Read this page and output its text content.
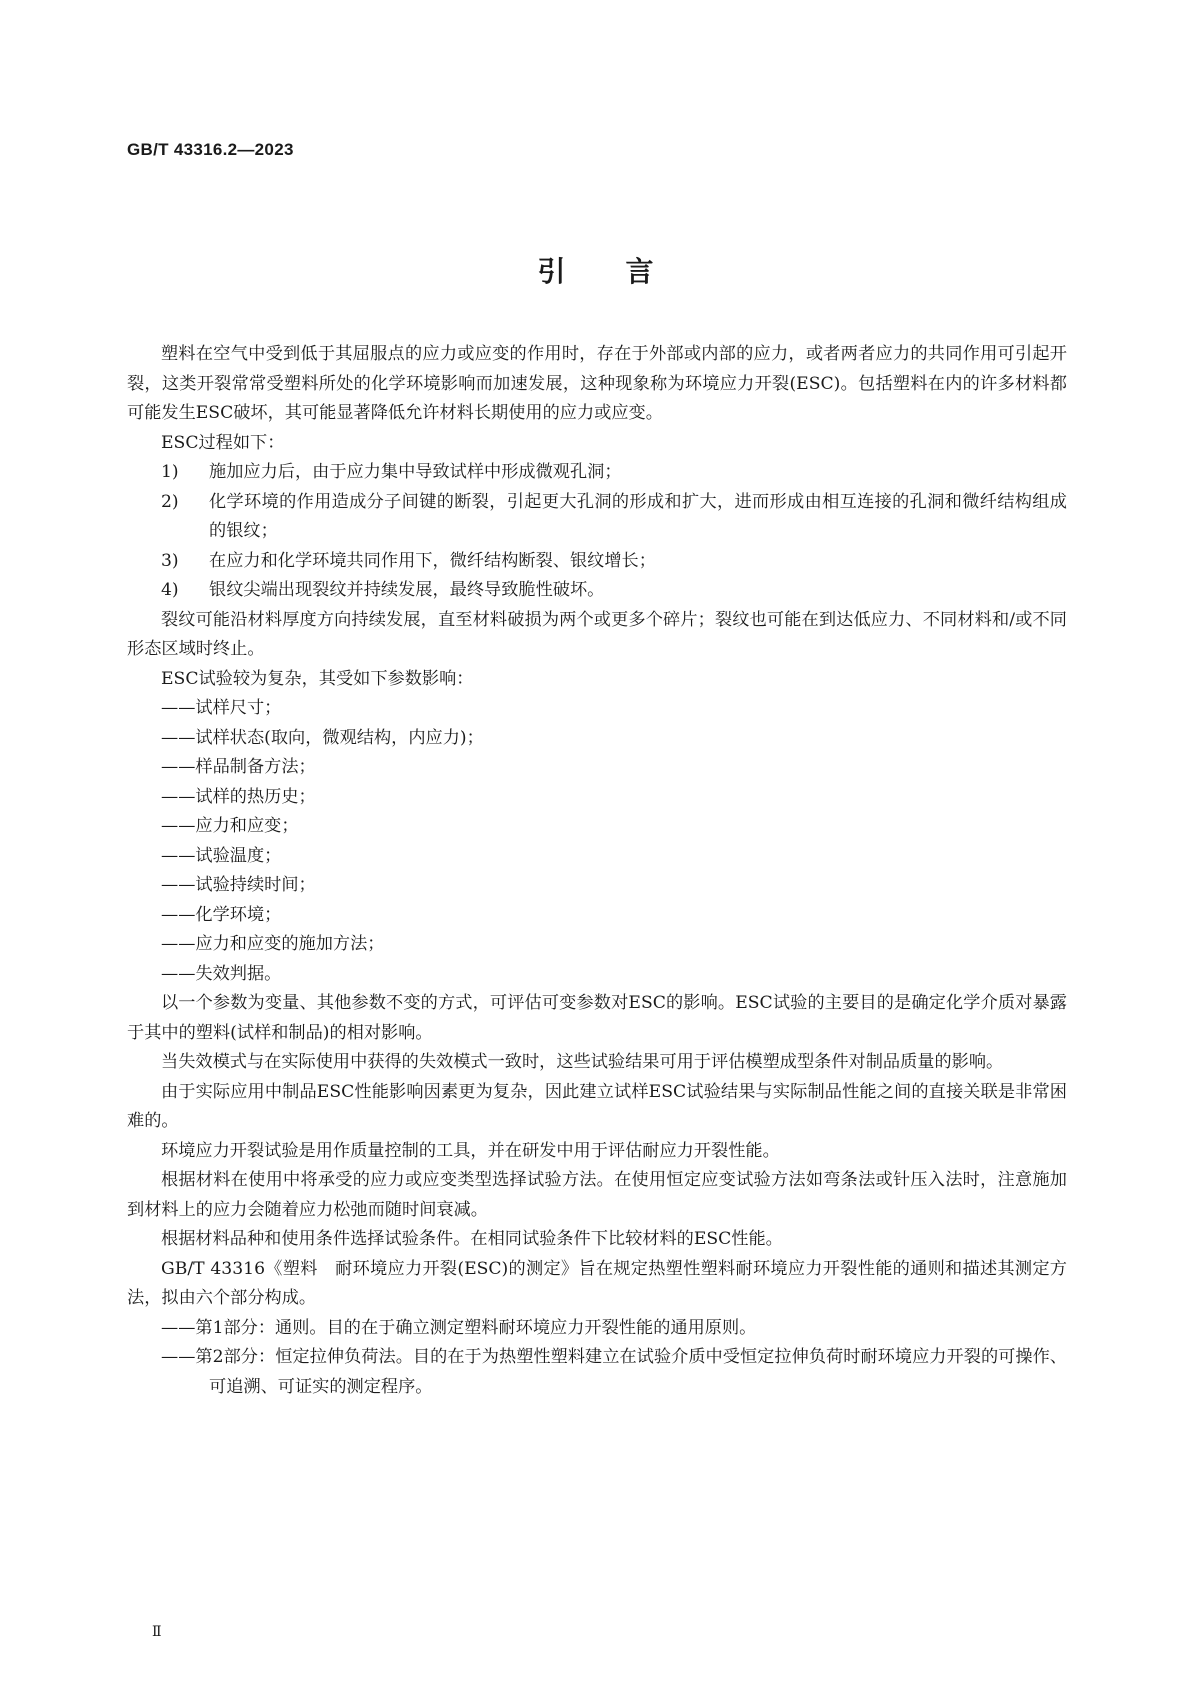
GB/T 43316.2—2023
引言

塑料在空气中受到低于其屈服点的应力或应变的作用时，存在于外部或内部的应力，或者两者应力的共同作用可引起开裂，这类开裂常常受塑料所处的化学环境影响而加速发展，这种现象称为环境应力开裂(ESC)。包括塑料在内的许多材料都可能发生ESC破坏，其可能显著降低允许材料长期使用的应力或应变。

ESC过程如下：

1) 施加应力后，由于应力集中导致试样中形成微观孔洞；

2) 化学环境的作用造成分子间键的断裂，引起更大孔洞的形成和扩大，进而形成由相互连接的孔洞和微纤结构组成的银纹；

3) 在应力和化学环境共同作用下，微纤结构断裂、银纹增长；

4) 银纹尖端出现裂纹并持续发展，最终导致脆性破坏。

裂纹可能沿材料厚度方向持续发展，直至材料破损为两个或更多个碎片；裂纹也可能在到达低应力、不同材料和/或不同形态区域时终止。

ESC试验较为复杂，其受如下参数影响：

——试样尺寸；

——试样状态(取向，微观结构，内应力)；

——样品制备方法；

——试样的热历史；

——应力和应变；

——试验温度；

——试验持续时间；

——化学环境；

——应力和应变的施加方法；

——失效判据。

以一个参数为变量、其他参数不变的方式，可评估可变参数对ESC的影响。ESC试验的主要目的是确定化学介质对暴露于其中的塑料(试样和制品)的相对影响。

当失效模式与在实际使用中获得的失效模式一致时，这些试验结果可用于评估模塑成型条件对制品质量的影响。

由于实际应用中制品ESC性能影响因素更为复杂，因此建立试样ESC试验结果与实际制品性能之间的直接关联是非常困难的。

环境应力开裂试验是用作质量控制的工具，并在研发中用于评估耐应力开裂性能。

根据材料在使用中将承受的应力或应变类型选择试验方法。在使用恒定应变试验方法如弯条法或针压入法时，注意施加到材料上的应力会随着应力松弛而随时间衰减。

根据材料品种和使用条件选择试验条件。在相同试验条件下比较材料的ESC性能。

GB/T 43316《塑料　耐环境应力开裂(ESC)的测定》旨在规定热塑性塑料耐环境应力开裂性能的通则和描述其测定方法，拟由六个部分构成。

——第1部分：通则。目的在于确立测定塑料耐环境应力开裂性能的通用原则。

——第2部分：恒定拉伸负荷法。目的在于为热塑性塑料建立在试验介质中受恒定拉伸负荷时耐环境应力开裂的可操作、可追溯、可证实的测定程序。

Ⅱ
